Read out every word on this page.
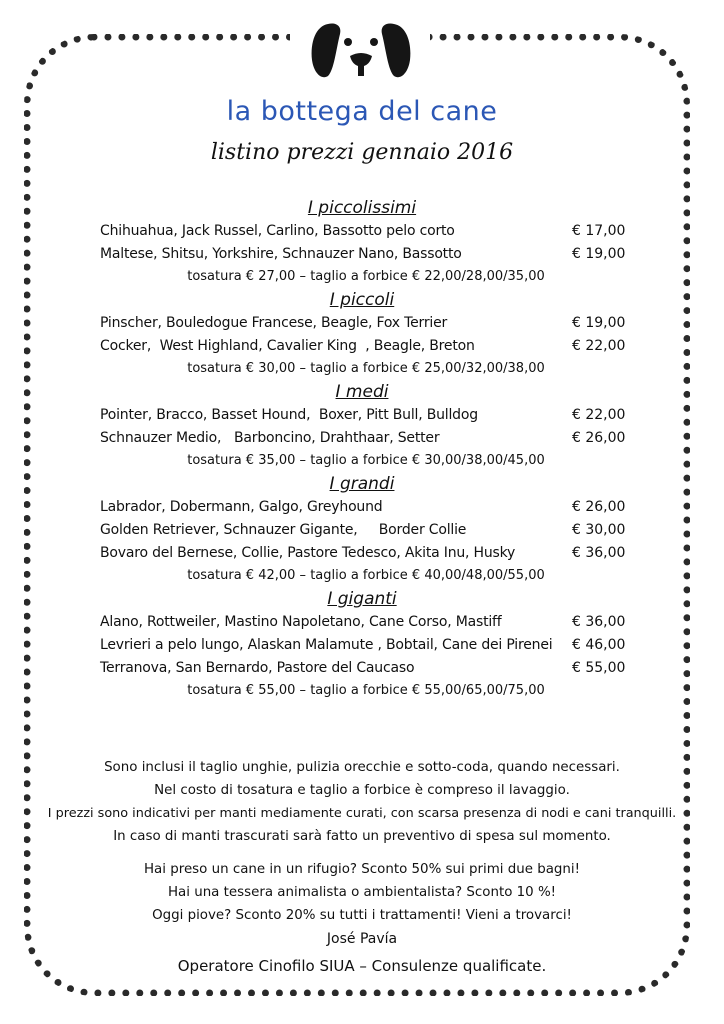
la bottega del cane
listino prezzi gennaio 2016
I piccolissimi
Chihuahua, Jack Russel, Carlino, Bassotto pelo corto	€ 17,00
Maltese, Shitsu, Yorkshire, Schnauzer Nano, Bassotto	€ 19,00
tosatura € 27,00 – taglio a forbice € 22,00/28,00/35,00
I piccoli
Pinscher, Bouledogue Francese, Beagle, Fox Terrier	€ 19,00
Cocker,  West Highland, Cavalier King  , Beagle, Breton	€ 22,00
tosatura € 30,00 – taglio a forbice € 25,00/32,00/38,00
I medi
Pointer, Bracco, Basset Hound,  Boxer, Pitt Bull, Bulldog	€ 22,00
Schnauzer Medio,   Barboncino, Drahthaar, Setter	€ 26,00
tosatura € 35,00 – taglio a forbice € 30,00/38,00/45,00
I grandi
Labrador, Dobermann, Galgo, Greyhound	€ 26,00
Golden Retriever, Schnauzer Gigante,     Border Collie	€ 30,00
Bovaro del Bernese, Collie, Pastore Tedesco, Akita Inu, Husky	€ 36,00
tosatura € 42,00 – taglio a forbice € 40,00/48,00/55,00
I giganti
Alano, Rottweiler, Mastino Napoletano, Cane Corso, Mastiff	€ 36,00
Levrieri a pelo lungo, Alaskan Malamute , Bobtail, Cane dei Pirenei € 46,00
Terranova, San Bernardo, Pastore del Caucaso	€ 55,00
tosatura € 55,00 – taglio a forbice € 55,00/65,00/75,00
Sono inclusi il taglio unghie, pulizia orecchie e sotto-coda, quando necessari.
Nel costo di tosatura e taglio a forbice è compreso il lavaggio.
I prezzi sono indicativi per manti mediamente curati, con scarsa presenza di nodi e cani tranquilli.
In caso di manti trascurati sarà fatto un preventivo di spesa sul momento.
Hai preso un cane in un rifugio? Sconto 50% sui primi due bagni!
Hai una tessera animalista o ambientalista? Sconto 10 %!
Oggi piove? Sconto 20% su tutti i trattamenti! Vieni a trovarci!
José Pavía
Operatore Cinofilo SIUA – Consulenze qualificate.
